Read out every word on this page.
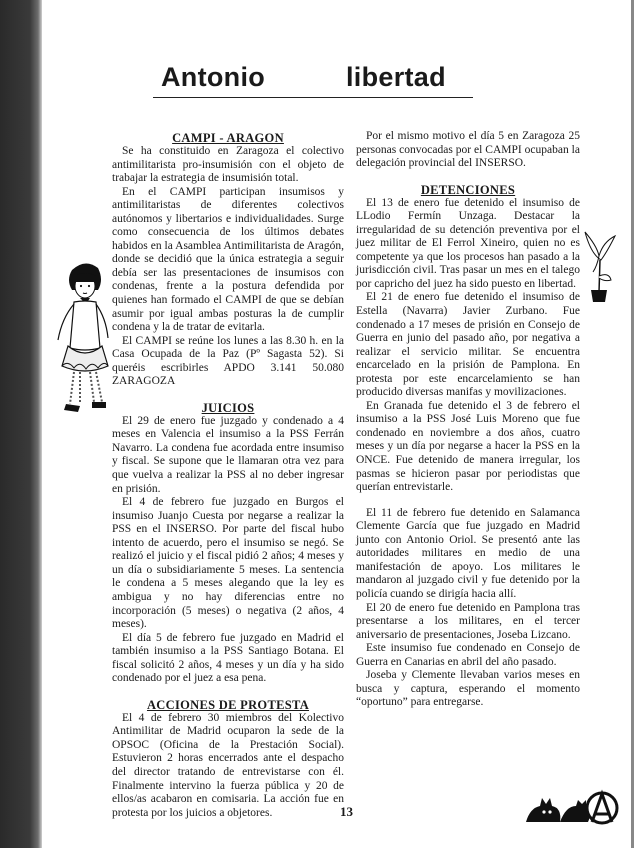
Antonio	libertad
CAMPI - ARAGON

Se ha constituido en Zaragoza el colectivo antimilitarista pro-insumisión con el objeto de trabajar la estrategia de insumisión total.

En el CAMPI participan insumisos y antimilitaristas de diferentes colectivos autónomos y libertarios e individualidades. Surge como consecuencia de los últimos debates habidos en la Asamblea Antimilitarista de Aragón, donde se decidió que la única estrategia a seguir debía ser las presentaciones de insumisos con condenas, frente a la postura defendida por quienes han formado el CAMPI de que se debían asumir por igual ambas posturas la de cumplir condena y la de tratar de evitarla.

El CAMPI se reúne los lunes a las 8.30 h. en la Casa Ocupada de la Paz (Pº Sagasta 52). Si queréis escribirles APDO 3.141 50.080 ZARAGOZA

JUICIOS

El 29 de enero fue juzgado y condenado a 4 meses en Valencia el insumiso a la PSS Ferrán Navarro. La condena fue acordada entre insumiso y fiscal. Se supone que le llamaran otra vez para que vuelva a realizar la PSS al no deber ingresar en prisión.

El 4 de febrero fue juzgado en Burgos el insumiso Juanjo Cuesta por negarse a realizar la PSS en el INSERSO. Por parte del fiscal hubo intento de acuerdo, pero el insumiso se negó. Se realizó el juicio y el fiscal pidió 2 años; 4 meses y un día o subsidiariamente 5 meses. La sentencia le condena a 5 meses alegando que la ley es ambigua y no hay diferencias entre no incorporación (5 meses) o negativa (2 años, 4 meses).

El día 5 de febrero fue juzgado en Madrid el también insumiso a la PSS Santiago Botana. El fiscal solicitó 2 años, 4 meses y un día y ha sido condenado por el juez a esa pena.

ACCIONES DE PROTESTA

El 4 de febrero 30 miembros del Kolectivo Antimilitar de Madrid ocuparon la sede de la OPSOC (Oficina de la Prestación Social). Estuvieron 2 horas encerrados ante el despacho del director tratando de entrevistarse con él. Finalmente intervino la fuerza pública y 20 de ellos/as acabaron en comisaria. La acción fue en protesta por los juicios a objetores.

Por el mismo motivo el día 5 en Zaragoza 25 personas convocadas por el CAMPI ocupaban la delegación provincial del INSERSO.

DETENCIONES

El 13 de enero fue detenido el insumiso de LLodio Fermín Unzaga. Destacar la irregularidad de su detención preventiva por el juez militar de El Ferrol Xineiro, quien no es competente ya que los procesos han pasado a la jurisdicción civil. Tras pasar un mes en el talego por capricho del juez ha sido puesto en libertad.

El 21 de enero fue detenido el insumiso de Estella (Navarra) Javier Zurbano. Fue condenado a 17 meses de prisión en Consejo de Guerra en junio del pasado año, por negativa a realizar el servicio militar. Se encuentra encarcelado en la prisión de Pamplona. En protesta por este encarcelamiento se han producido diversas manifas y movilizaciones.

En Granada fue detenido el 3 de febrero el insumiso a la PSS José Luis Moreno que fue condenado en noviembre a dos años, cuatro meses y un día por negarse a hacer la PSS en la ONCE. Fue detenido de manera irregular, los pasmas se hicieron pasar por periodistas que querían entrevistarle.

El 11 de febrero fue detenido en Salamanca Clemente García que fue juzgado en Madrid junto con Antonio Oriol. Se presentó ante las autoridades militares en medio de una manifestación de apoyo. Los militares le mandaron al juzgado civil y fue detenido por la policía cuando se dirigía hacia allí.

El 20 de enero fue detenido en Pamplona tras presentarse a los militares, en el tercer aniversario de presentaciones, Joseba Lizcano.

Este insumiso fue condenado en Consejo de Guerra en Canarias en abril del año pasado.

Joseba y Clemente llevaban varios meses en busca y captura, esperando el momento “oportuno” para entregarse.

13
